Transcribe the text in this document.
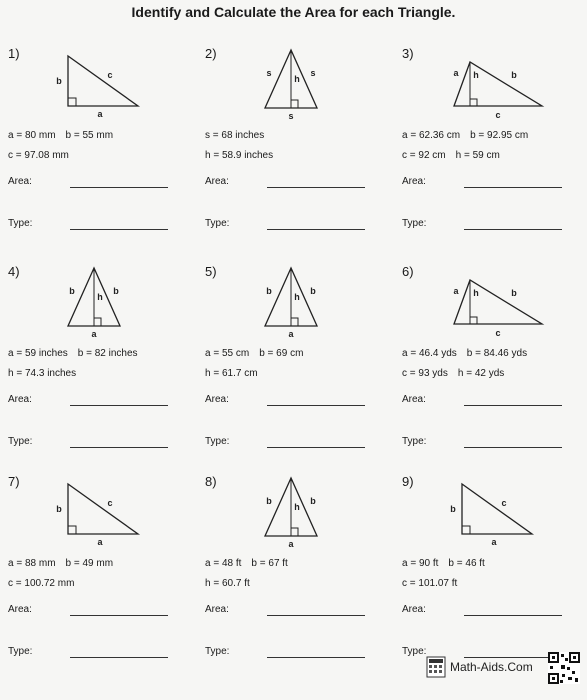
Identify and Calculate the Area for each Triangle.
1)
b
a
c
a = 80 mm b = 55 mm
c = 97.08 mm
Area:
Type:
2)
s	s
h
s
s = 68 inches
h = 58.9 inches
Area:
Type:
3)
a h	b
c
a = 62.36 cm b = 92.95 cm
c = 92 cm h = 59 cm
Area:
Type:
4)
b	b
h
a
a = 59 inches b = 82 inches
h = 74.3 inches
Area:
Type:
5)
b	b
h
a
a = 55 cm b = 69 cm
h = 61.7 cm
Area:
Type:
6)
a h	b
c
a = 46.4 yds b = 84.46 yds
c = 93 yds h = 42 yds
Area:
Type:
7)
b
a
c
a = 88 mm b = 49 mm
c = 100.72 mm
Area:
Type:
8)
b	b
h
a
a = 48 ft b = 67 ft
h = 60.7 ft
Area:
Type:
9)
b
a
c
a = 90 ft b = 46 ft
c = 101.07 ft
Area:
Type:
Math-Aids.Com
